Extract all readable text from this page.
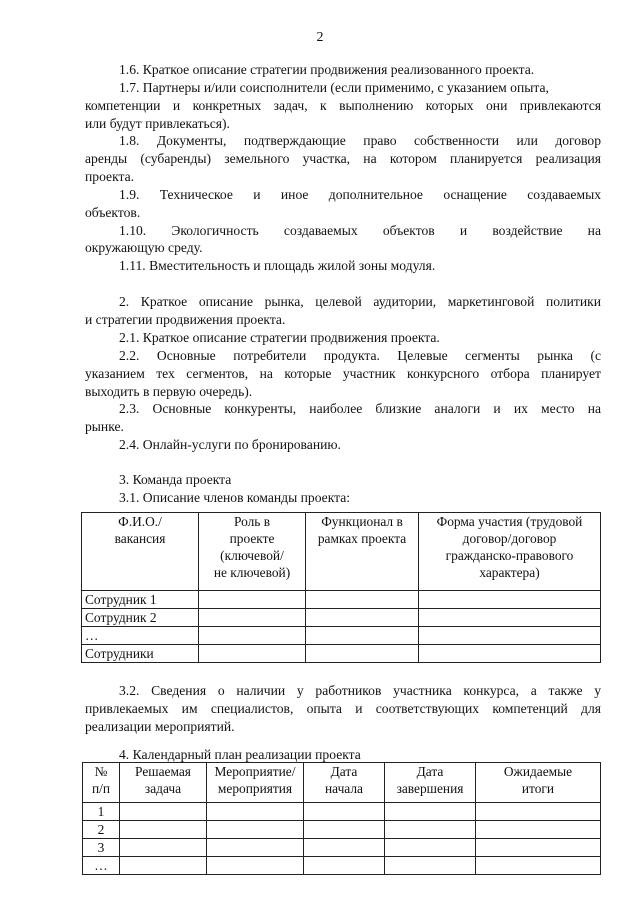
2
1.6. Краткое описание стратегии продвижения реализованного проекта.
1.7. Партнеры и/или соисполнители (если применимо, с указанием опыта,
компетенции и конкретных задач, к выполнению которых они привлекаются
или будут привлекаться).
1.8. Документы, подтверждающие право собственности или договор
аренды (субаренды) земельного участка, на котором планируется реализация
проекта.
1.9. Техническое и иное дополнительное оснащение создаваемых
объектов.
1.10. Экологичность создаваемых объектов и воздействие на
окружающую среду.
1.11. Вместительность и площадь жилой зоны модуля.
2. Краткое описание рынка, целевой аудитории, маркетинговой политики
и стратегии продвижения проекта.
2.1. Краткое описание стратегии продвижения проекта.
2.2. Основные потребители продукта. Целевые сегменты рынка (с
указанием тех сегментов, на которые участник конкурсного отбора планирует
выходить в первую очередь).
2.3. Основные конкуренты, наиболее близкие аналоги и их место на
рынке.
2.4. Онлайн-услуги по бронированию.
3. Команда проекта
3.1. Описание членов команды проекта:
Ф.И.О./
вакансия	Роль в
проекте
(ключевой/
не ключевой)	Функционал в
рамках проекта	Форма участия (трудовой
договор/договор
гражданско-правового
характера)
Сотрудник 1			
Сотрудник 2			
…			
Сотрудники			
3.2. Сведения о наличии у работников участника конкурса, а также у
привлекаемых им специалистов, опыта и соответствующих компетенций для
реализации мероприятий.
4. Календарный план реализации проекта
№
п/п	Решаемая
задача	Мероприятие/
мероприятия	Дата
начала	Дата
завершения	Ожидаемые
итоги
1					
2					
3					
…					
